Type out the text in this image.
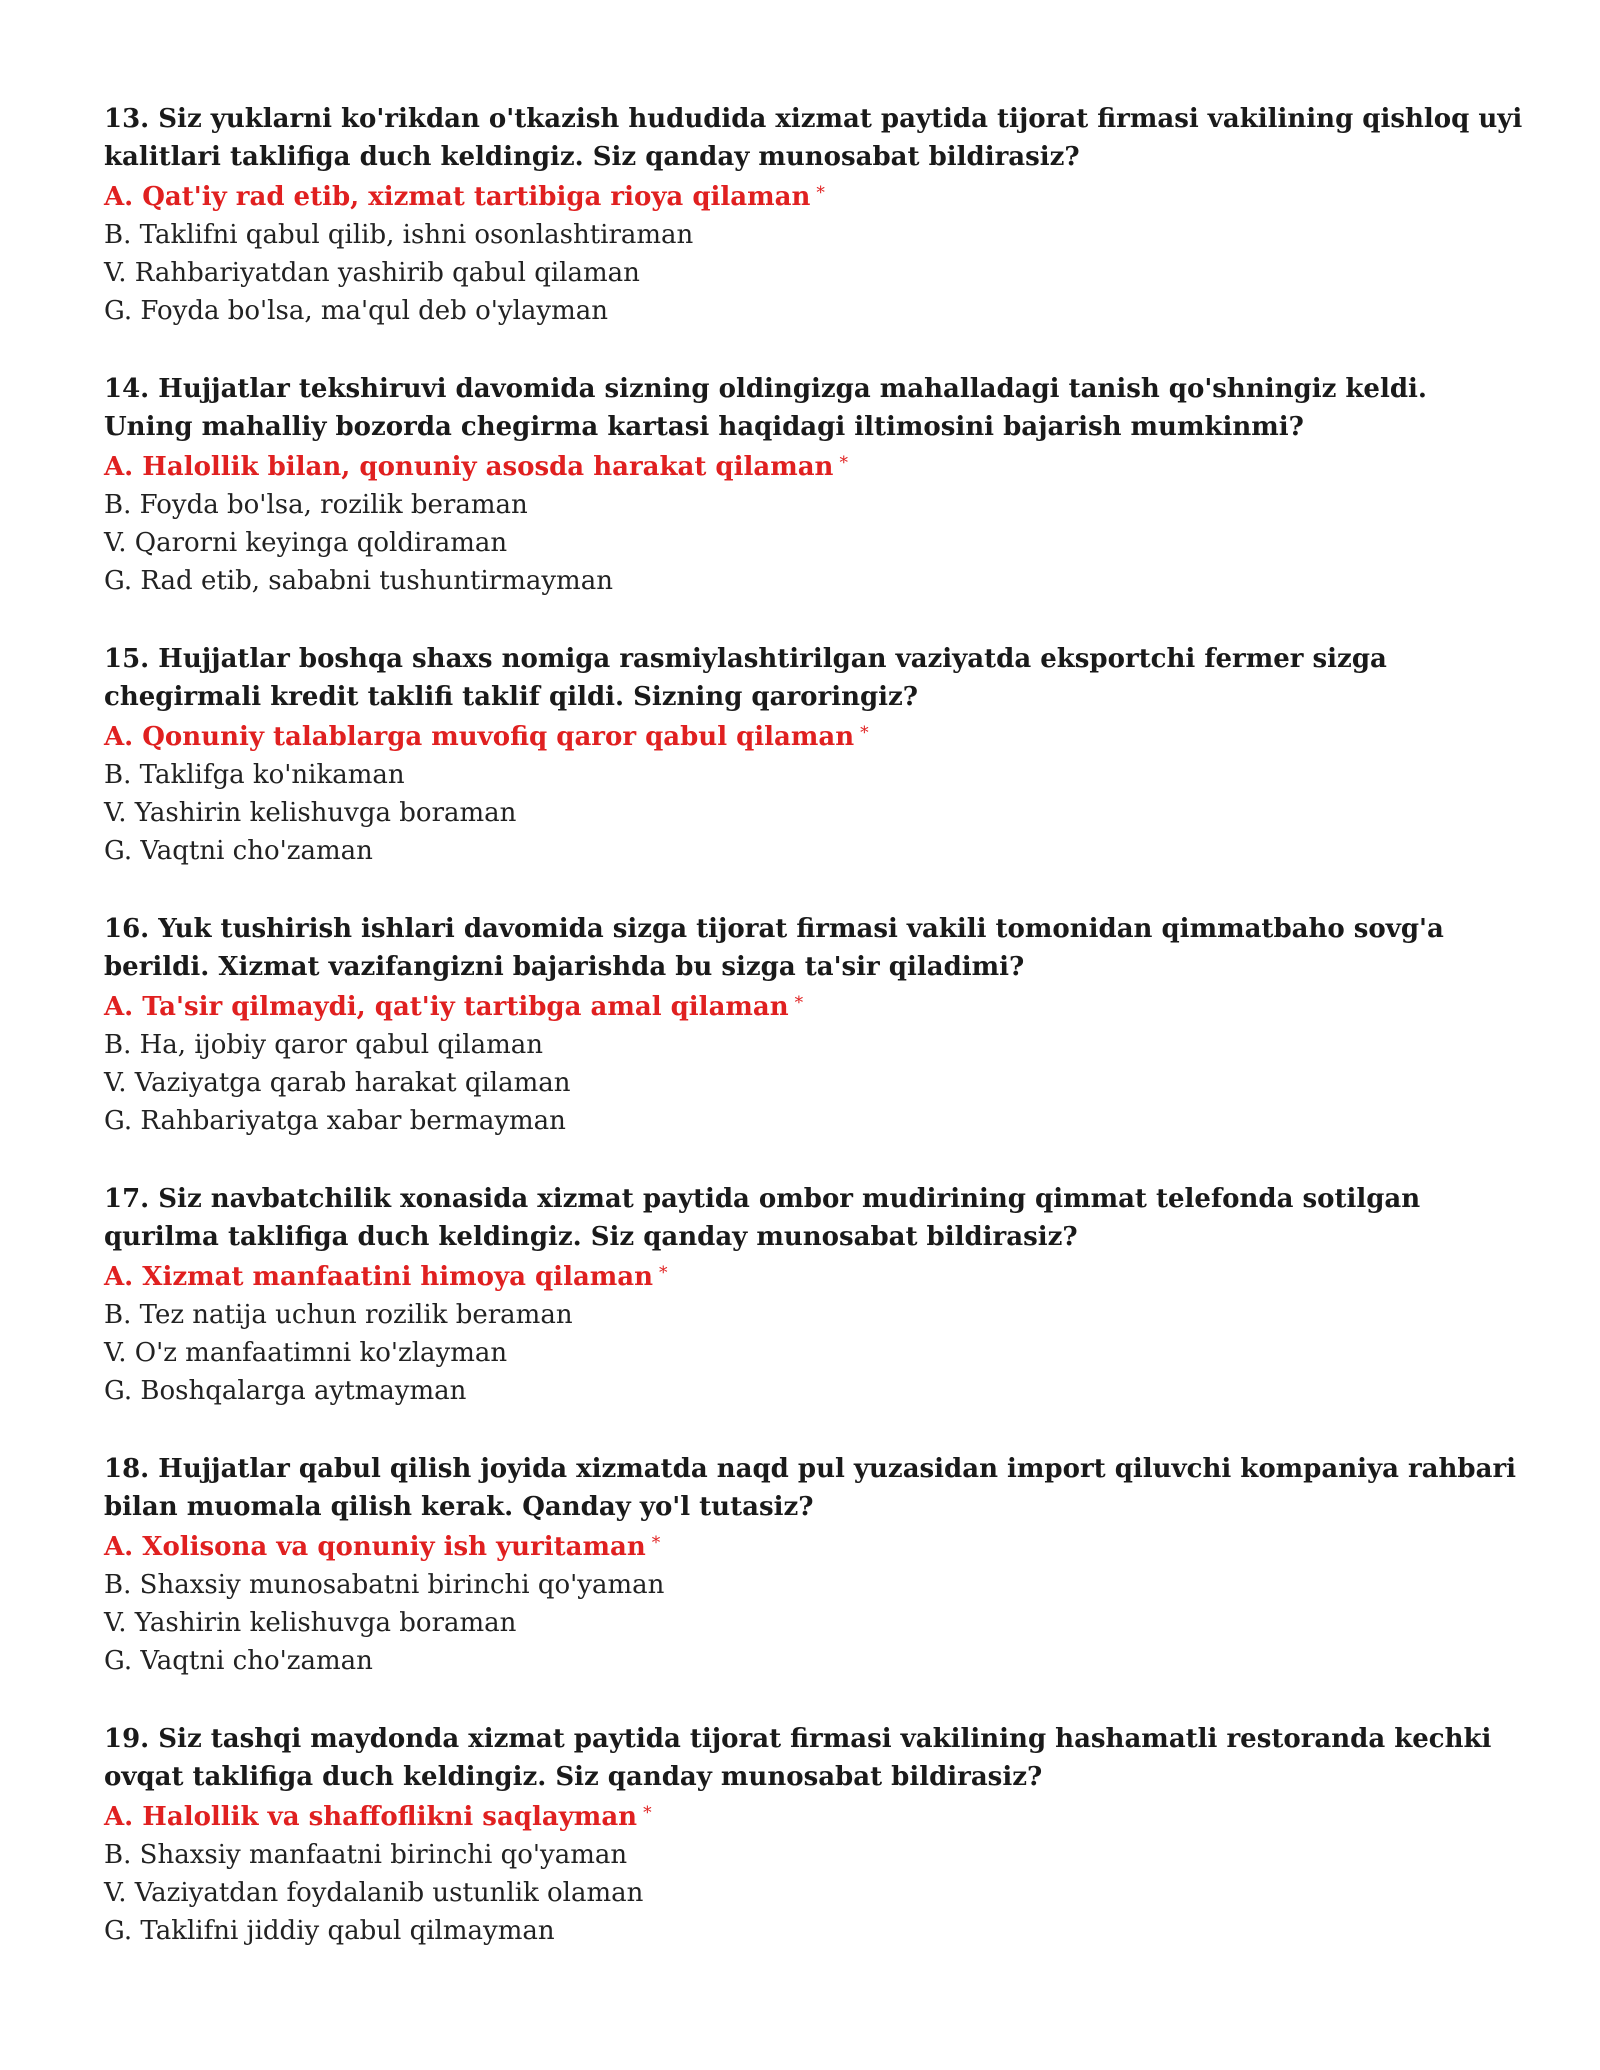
13. Siz yuklarni ko'rikdan o'tkazish hududida xizmat paytida tijorat firmasi vakilining qishloq uyi kalitlari taklifiga duch keldingiz. Siz qanday munosabat bildirasiz?
A. Qat'iy rad etib, xizmat tartibiga rioya qilaman *
B. Taklifni qabul qilib, ishni osonlashtiraman
V. Rahbariyatdan yashirib qabul qilaman
G. Foyda bo'lsa, ma'qul deb o'ylayman
14. Hujjatlar tekshiruvi davomida sizning oldingizga mahalladagi tanish qo'shningiz keldi. Uning mahalliy bozorda chegirma kartasi haqidagi iltimosini bajarish mumkinmi?
A. Halollik bilan, qonuniy asosda harakat qilaman *
B. Foyda bo'lsa, rozilik beraman
V. Qarorni keyinga qoldiraman
G. Rad etib, sababni tushuntirmayman
15. Hujjatlar boshqa shaxs nomiga rasmiylashtirilgan vaziyatda eksportchi fermer sizga chegirmali kredit taklifi taklif qildi. Sizning qaroringiz?
A. Qonuniy talablarga muvofiq qaror qabul qilaman *
B. Taklifga ko'nikaman
V. Yashirin kelishuvga boraman
G. Vaqtni cho'zaman
16. Yuk tushirish ishlari davomida sizga tijorat firmasi vakili tomonidan qimmatbaho sovg'a berildi. Xizmat vazifangizni bajarishda bu sizga ta'sir qiladimi?
A. Ta'sir qilmaydi, qat'iy tartibga amal qilaman *
B. Ha, ijobiy qaror qabul qilaman
V. Vaziyatga qarab harakat qilaman
G. Rahbariyatga xabar bermayman
17. Siz navbatchilik xonasida xizmat paytida ombor mudirining qimmat telefonda sotilgan qurilma taklifiga duch keldingiz. Siz qanday munosabat bildirasiz?
A. Xizmat manfaatini himoya qilaman *
B. Tez natija uchun rozilik beraman
V. O'z manfaatimni ko'zlayman
G. Boshqalarga aytmayman
18. Hujjatlar qabul qilish joyida xizmatda naqd pul yuzasidan import qiluvchi kompaniya rahbari bilan muomala qilish kerak. Qanday yo'l tutasiz?
A. Xolisona va qonuniy ish yuritaman *
B. Shaxsiy munosabatni birinchi qo'yaman
V. Yashirin kelishuvga boraman
G. Vaqtni cho'zaman
19. Siz tashqi maydonda xizmat paytida tijorat firmasi vakilining hashamatli restoranda kechki ovqat taklifiga duch keldingiz. Siz qanday munosabat bildirasiz?
A. Halollik va shaffoflikni saqlayman *
B. Shaxsiy manfaatni birinchi qo'yaman
V. Vaziyatdan foydalanib ustunlik olaman
G. Taklifni jiddiy qabul qilmayman
